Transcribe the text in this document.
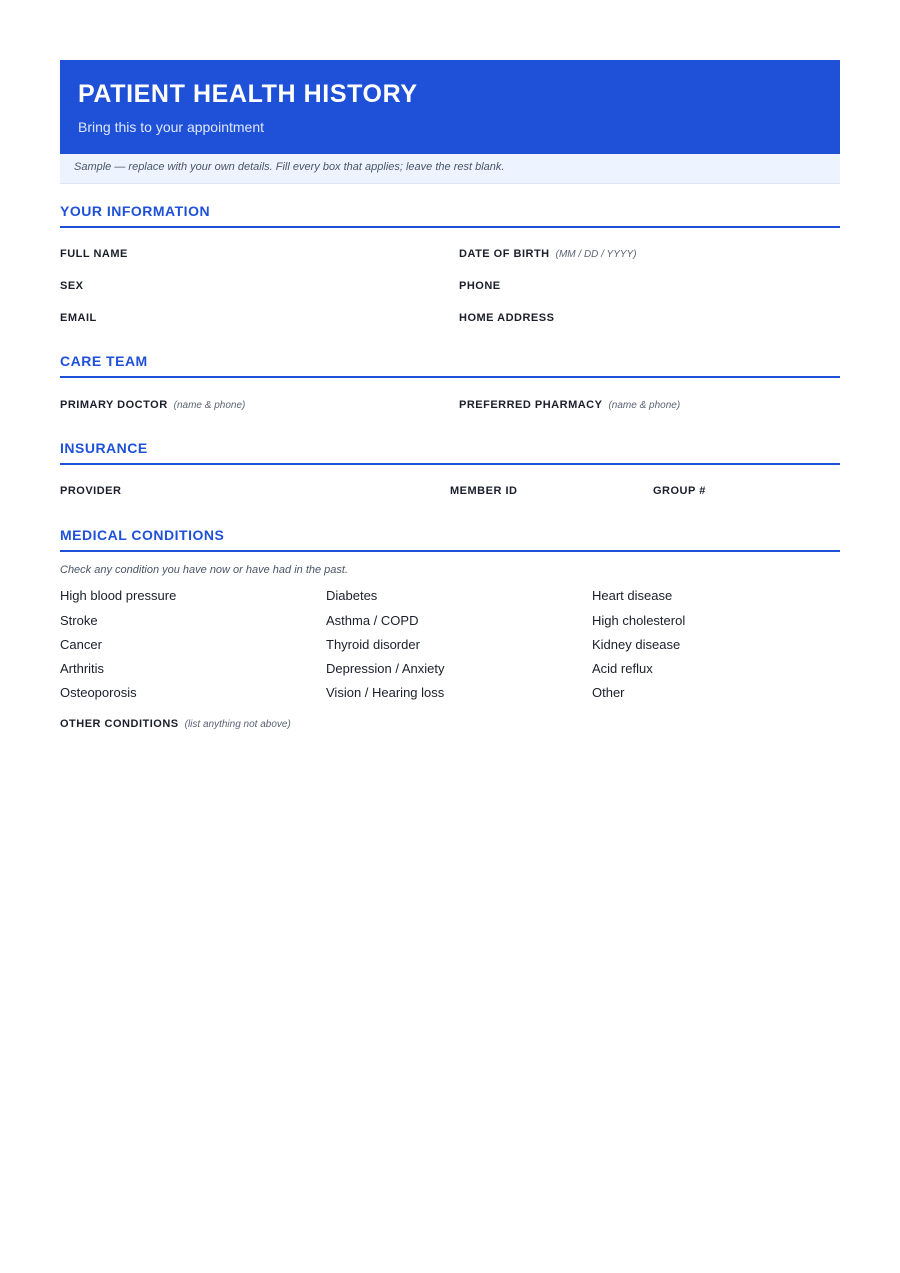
PATIENT HEALTH HISTORY
Bring this to your appointment
Sample — replace with your own details. Fill every box that applies; leave the rest blank.
YOUR INFORMATION
FULL NAME	DATE OF BIRTH (MM / DD / YYYY)
SEX	PHONE
EMAIL	HOME ADDRESS
CARE TEAM
PRIMARY DOCTOR (name & phone)	PREFERRED PHARMACY (name & phone)
INSURANCE
PROVIDER	MEMBER ID	GROUP #
MEDICAL CONDITIONS
Check any condition you have now or have had in the past.
OTHER CONDITIONS (list anything not above)
High blood pressure	Diabetes	Heart disease
Stroke	Asthma / COPD	High cholesterol
Cancer	Thyroid disorder	Kidney disease
Arthritis	Depression / Anxiety	Acid reflux
Osteoporosis	Vision / Hearing loss	Other
